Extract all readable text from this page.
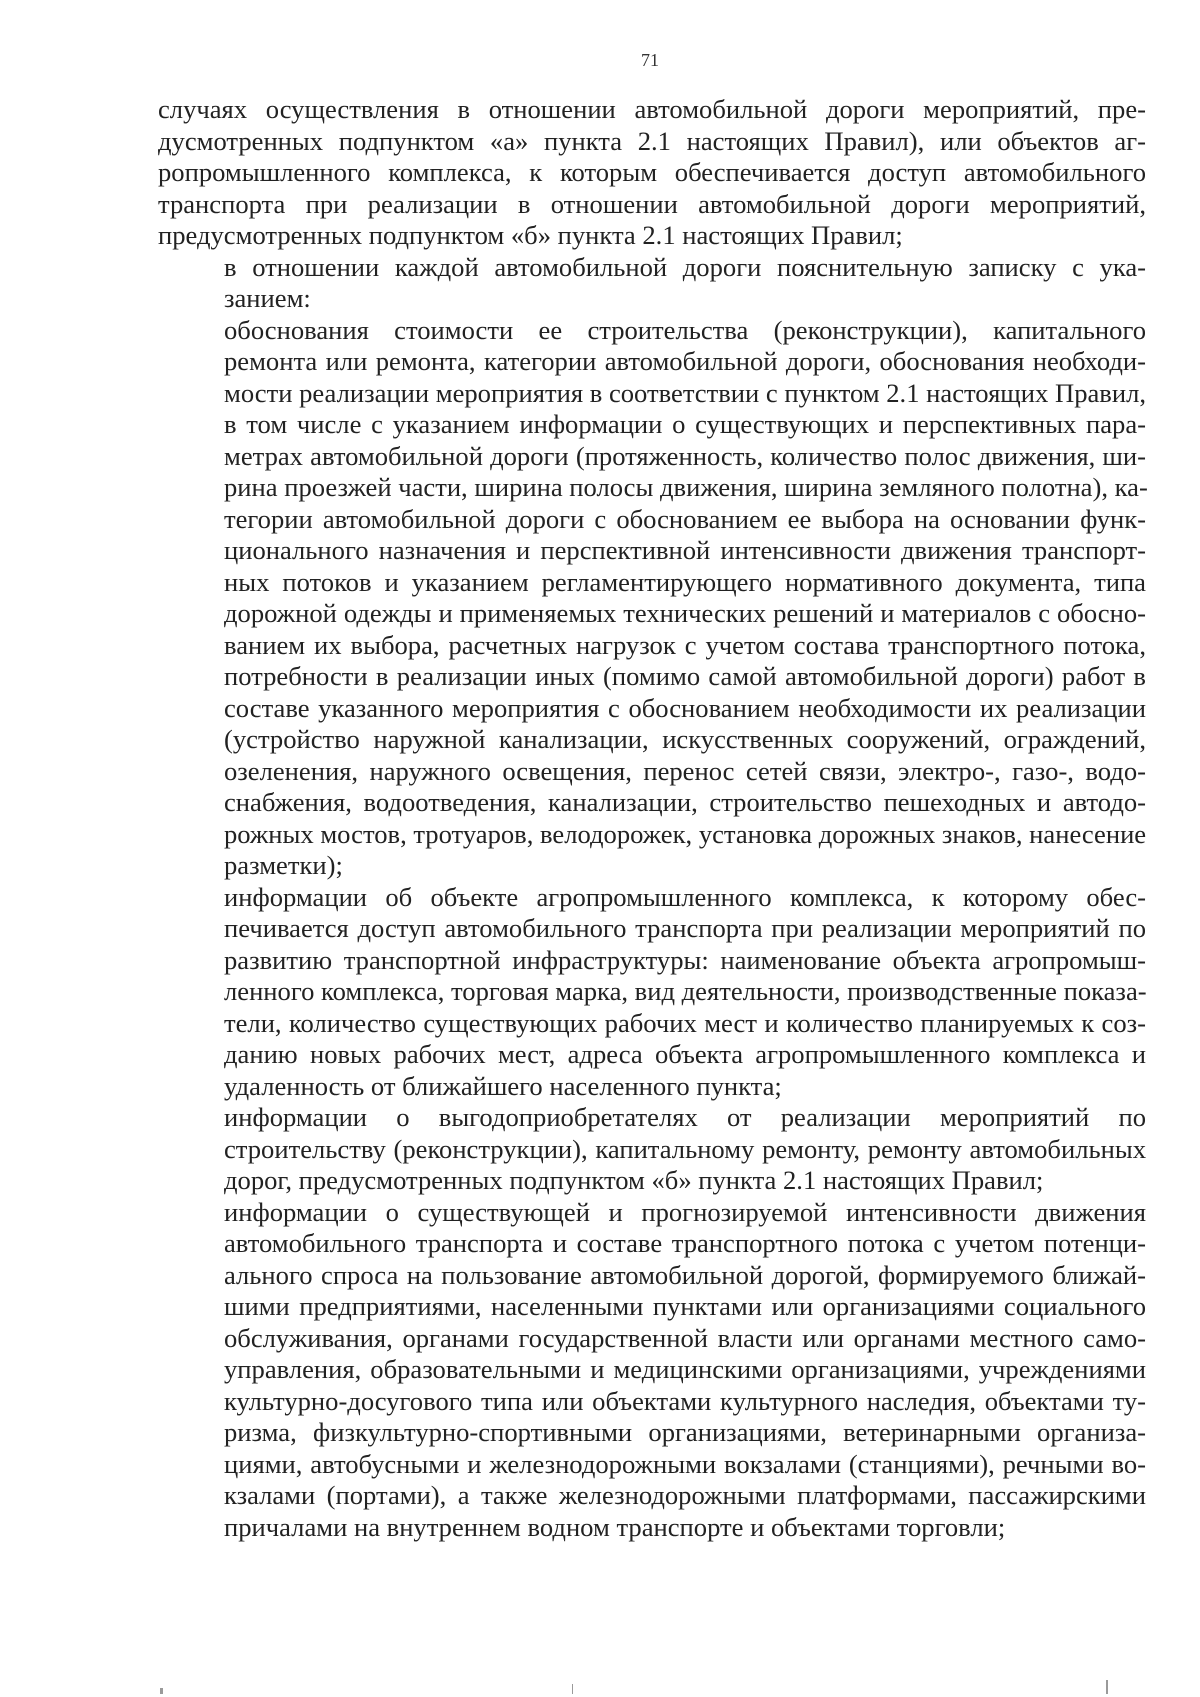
71
случаях осуществления в отношении автомобильной дороги мероприятий, пре-
дусмотренных подпунктом «а» пункта 2.1 настоящих Правил), или объектов аг-
ропромышленного комплекса, к которым обеспечивается доступ автомобильного
транспорта при реализации в отношении автомобильной дороги мероприятий,
предусмотренных подпунктом «б» пункта 2.1 настоящих Правил;
в отношении каждой автомобильной дороги пояснительную записку с ука-
занием:
обоснования стоимости ее строительства (реконструкции), капитального
ремонта или ремонта, категории автомобильной дороги, обоснования необходи-
мости реализации мероприятия в соответствии с пунктом 2.1 настоящих Правил,
в том числе с указанием информации о существующих и перспективных пара-
метрах автомобильной дороги (протяженность, количество полос движения, ши-
рина проезжей части, ширина полосы движения, ширина земляного полотна), ка-
тегории автомобильной дороги с обоснованием ее выбора на основании функ-
ционального назначения и перспективной интенсивности движения транспорт-
ных потоков и указанием регламентирующего нормативного документа, типа
дорожной одежды и применяемых технических решений и материалов с обосно-
ванием их выбора, расчетных нагрузок с учетом состава транспортного потока,
потребности в реализации иных (помимо самой автомобильной дороги) работ в
составе указанного мероприятия с обоснованием необходимости их реализации
(устройство наружной канализации, искусственных сооружений, ограждений,
озеленения, наружного освещения, перенос сетей связи, электро-, газо-, водо-
снабжения, водоотведения, канализации, строительство пешеходных и автодо-
рожных мостов, тротуаров, велодорожек, установка дорожных знаков, нанесение
разметки);
информации об объекте агропромышленного комплекса, к которому обес-
печивается доступ автомобильного транспорта при реализации мероприятий по
развитию транспортной инфраструктуры: наименование объекта агропромыш-
ленного комплекса, торговая марка, вид деятельности, производственные показа-
тели, количество существующих рабочих мест и количество планируемых к соз-
данию новых рабочих мест, адреса объекта агропромышленного комплекса и
удаленность от ближайшего населенного пункта;
информации о выгодоприобретателях от реализации мероприятий по
строительству (реконструкции), капитальному ремонту, ремонту автомобильных
дорог, предусмотренных подпунктом «б» пункта 2.1 настоящих Правил;
информации о существующей и прогнозируемой интенсивности движения
автомобильного транспорта и составе транспортного потока с учетом потенци-
ального спроса на пользование автомобильной дорогой, формируемого ближай-
шими предприятиями, населенными пунктами или организациями социального
обслуживания, органами государственной власти или органами местного само-
управления, образовательными и медицинскими организациями, учреждениями
культурно-досугового типа или объектами культурного наследия, объектами ту-
ризма, физкультурно-спортивными организациями, ветеринарными организа-
циями, автобусными и железнодорожными вокзалами (станциями), речными во-
кзалами (портами), а также железнодорожными платформами, пассажирскими
причалами на внутреннем водном транспорте и объектами торговли;
